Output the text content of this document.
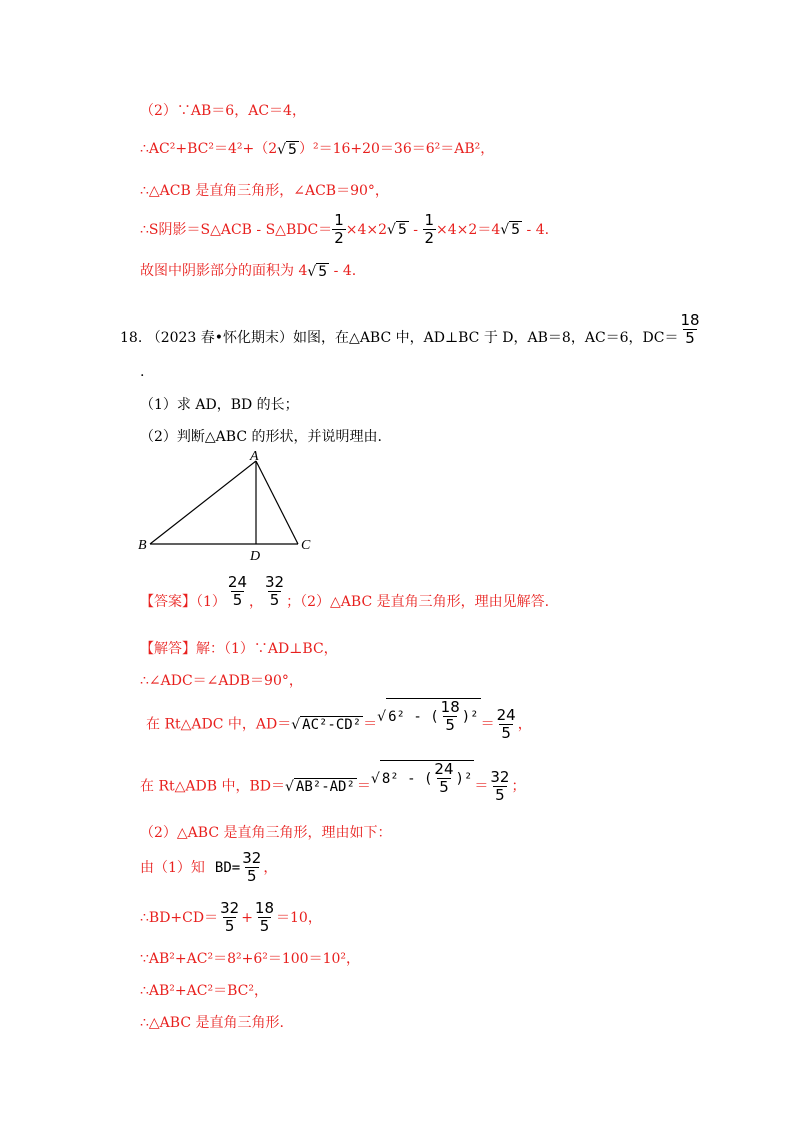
（2）∵AB＝6，AC＝4，
∴AC²+BC²＝4²+（2√ 5 ）²＝16+20＝36＝6²＝AB²，
∴△ACB 是直角三角形，∠ACB＝90°，
∴S阴影＝S△ACB - S△BDC＝ $\frac{1}{2} \times 4\times 2√$ $5 - \frac{1}{2} \times 4\times 2=4√$ 5 - 4.
故图中阴影部分的面积为 4√ 5 - 4.
18. （2023 春•怀化期末）如图，在△ABC 中，AD⊥BC 于 D，AB＝8，AC＝6，$DC= \frac{18}{5}$
.
（1）求 AD，BD 的长；
（2）判断△ABC 的形状，并说明理由.
A
B	C
D
【答案】$(1) \frac{24}{5}$ ， $\frac{32}{5}$ ；（2）△ABC 是直角三角形，理由见解答.
【解答】解：（1）∵AD⊥BC，
∴∠ADC＝∠ADB＝90°，
在 Rt△ADC 中，AD＝√ AC²-CD² ＝√ 6² - ( $\frac{18}{5} )^2 = \frac{24}{5}$ ，
在 Rt△ADB 中，BD＝√ AB²-AD² ＝√ 8² - ( $\frac{24}{5} )^2 = \frac{32}{5}$ ；
（2）△ABC 是直角三角形，理由如下：
由（1）知 $BD= \frac{32}{5}$ ，
∴BD+CD＝ $\frac{32}{5} + \frac{18}{5} =10$，
∵AB²+AC²＝8²+6²＝100＝10²，
∴AB²+AC²＝BC²，
∴△ABC 是直角三角形.
